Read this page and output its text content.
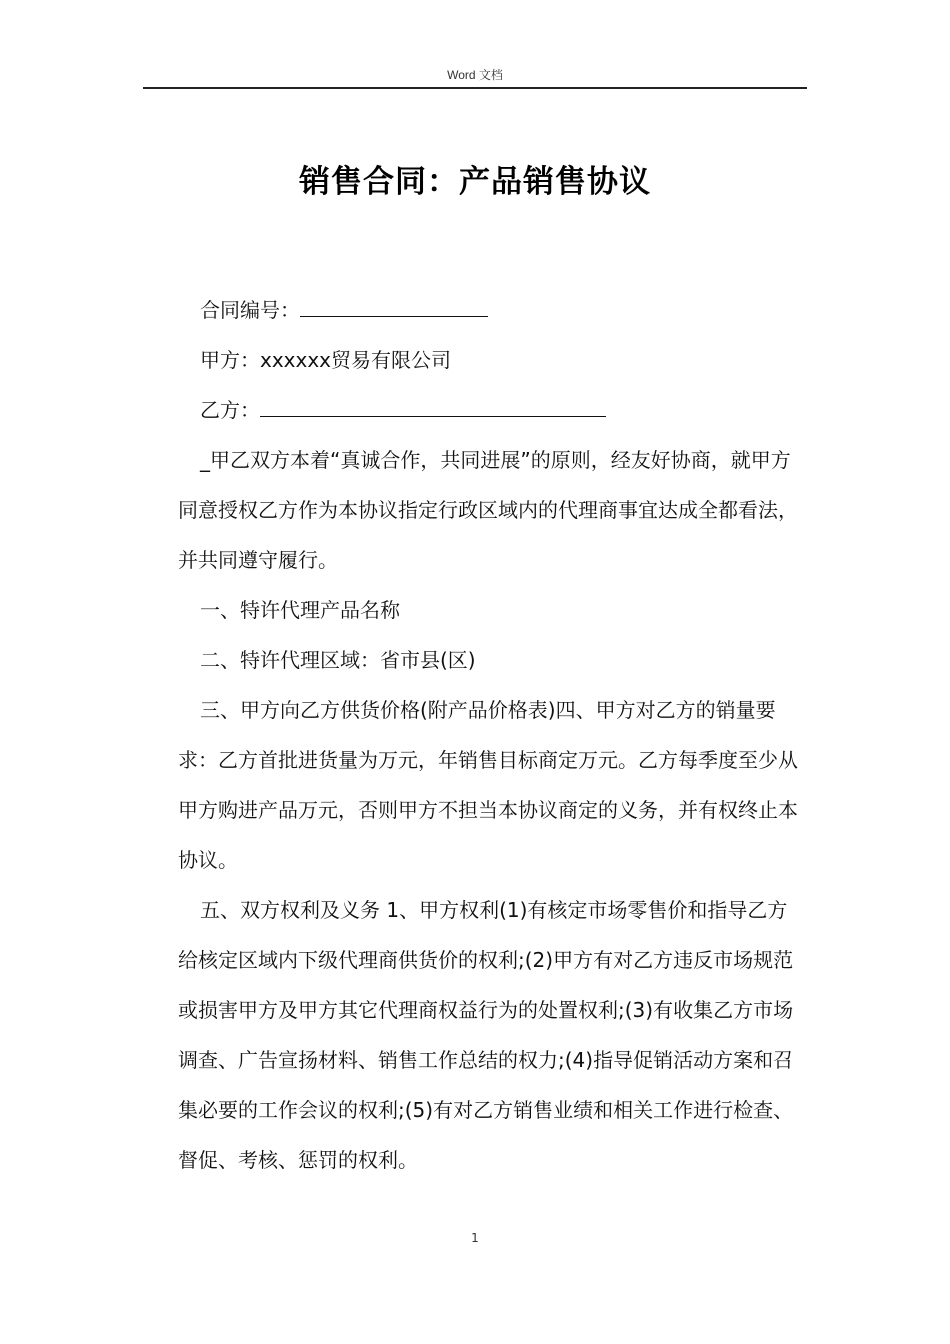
Word 文档
销售合同：产品销售协议

合同编号：

甲方：xxxxxx贸易有限公司

乙方：

_甲乙双方本着“真诚合作，共同进展”的原则，经友好协商，就甲方同意授权乙方作为本协议指定行政区域内的代理商事宜达成全都看法，并共同遵守履行。

一、特许代理产品名称

二、特许代理区域：省市县(区)

三、甲方向乙方供货价格(附产品价格表)四、甲方对乙方的销量要求：乙方首批进货量为万元，年销售目标商定万元。乙方每季度至少从甲方购进产品万元，否则甲方不担当本协议商定的义务，并有权终止本协议。

五、双方权利及义务 1、甲方权利(1)有核定市场零售价和指导乙方给核定区域内下级代理商供货价的权利;(2)甲方有对乙方违反市场规范或损害甲方及甲方其它代理商权益行为的处置权利;(3)有收集乙方市场调查、广告宣扬材料、销售工作总结的权力;(4)指导促销活动方案和召集必要的工作会议的权利;(5)有对乙方销售业绩和相关工作进行检查、督促、考核、惩罚的权利。

1
